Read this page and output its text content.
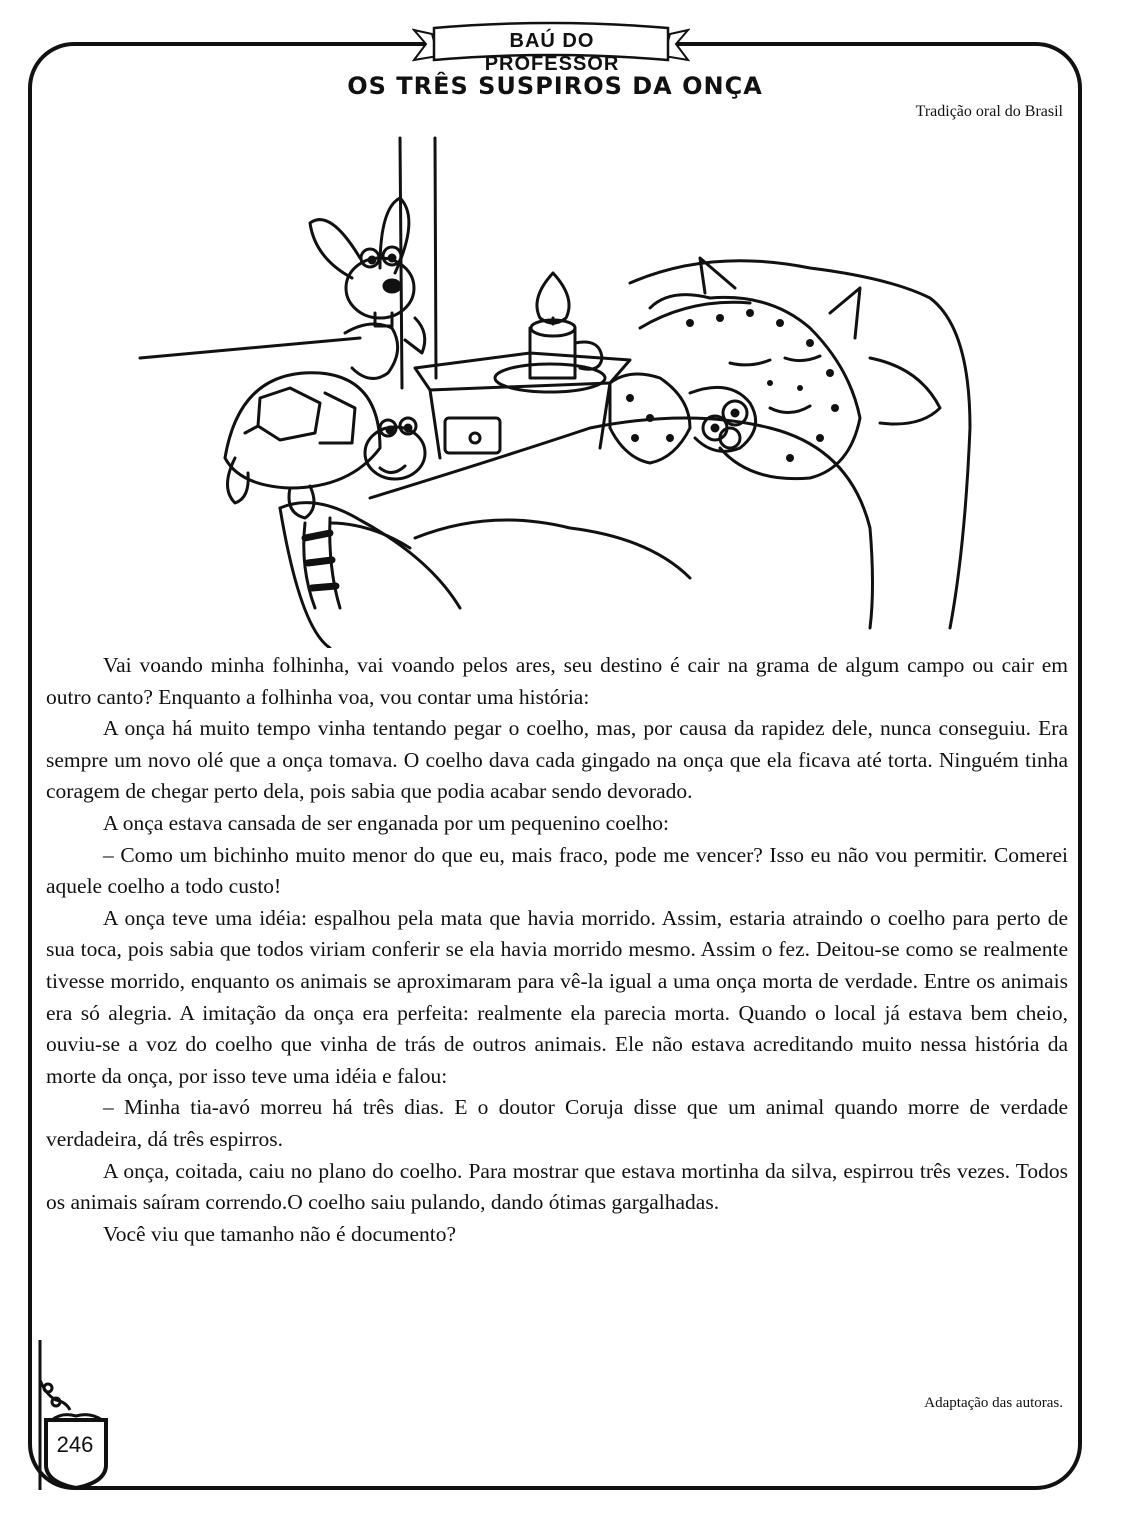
BAÚ DO PROFESSOR
OS TRÊS SUSPIROS DA ONÇA
Tradição oral do Brasil

Vai voando minha folhinha, vai voando pelos ares, seu destino é cair na grama de algum campo ou cair em outro canto? Enquanto a folhinha voa, vou contar uma história:

A onça há muito tempo vinha tentando pegar o coelho, mas, por causa da rapidez dele, nunca conseguiu. Era sempre um novo olé que a onça tomava. O coelho dava cada gingado na onça que ela ficava até torta. Ninguém tinha coragem de chegar perto dela, pois sabia que podia acabar sendo devorado.

A onça estava cansada de ser enganada por um pequenino coelho:

– Como um bichinho muito menor do que eu, mais fraco, pode me vencer? Isso eu não vou permitir. Comerei aquele coelho a todo custo!

A onça teve uma idéia: espalhou pela mata que havia morrido. Assim, estaria atraindo o coelho para perto de sua toca, pois sabia que todos viriam conferir se ela havia morrido mesmo. Assim o fez. Deitou-se como se realmente tivesse morrido, enquanto os animais se aproximaram para vê-la igual a uma onça morta de verdade. Entre os animais era só alegria. A imitação da onça era perfeita: realmente ela parecia morta. Quando o local já estava bem cheio, ouviu-se a voz do coelho que vinha de trás de outros animais. Ele não estava acreditando muito nessa história da morte da onça, por isso teve uma idéia e falou:

– Minha tia-avó morreu há três dias. E o doutor Coruja disse que um animal quando morre de verdade verdadeira, dá três espirros.

A onça, coitada, caiu no plano do coelho. Para mostrar que estava mortinha da silva, espirrou três vezes. Todos os animais saíram correndo.O coelho saiu pulando, dando ótimas gargalhadas.

Você viu que tamanho não é documento?

Adaptação das autoras.
246
